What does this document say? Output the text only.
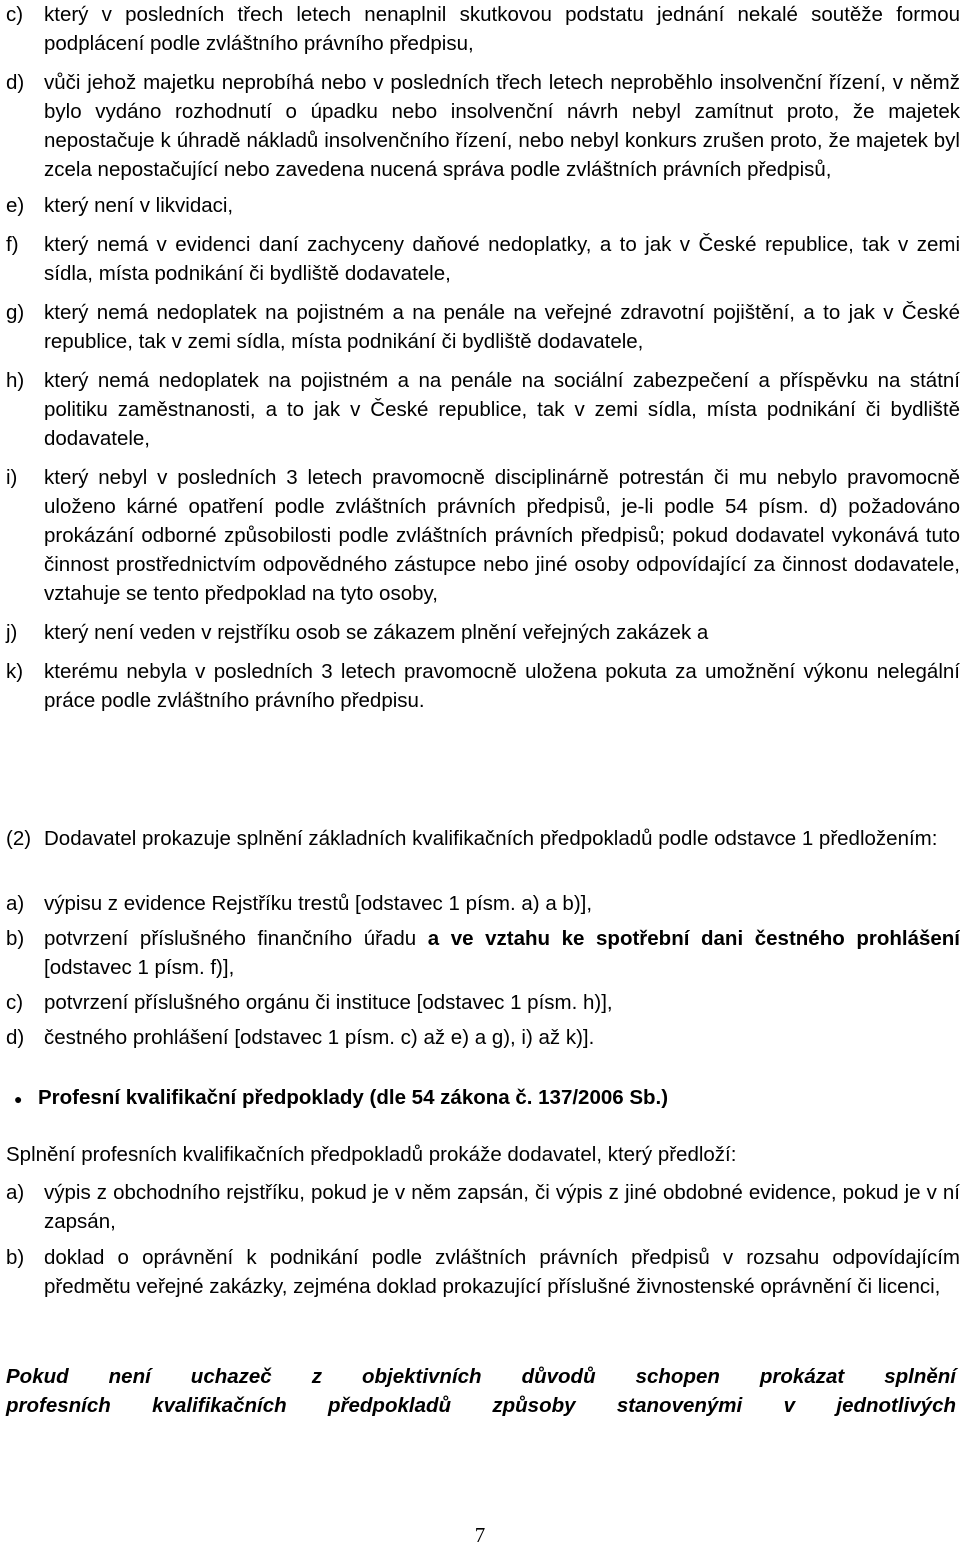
c)	který v posledních třech letech nenaplnil skutkovou podstatu jednání nekalé soutěže formou podplácení podle zvláštního právního předpisu,
d) vůči jehož majetku neprobíhá nebo v posledních třech letech neproběhlo insolvenční řízení, v němž bylo vydáno rozhodnutí o úpadku nebo insolvenční návrh nebyl zamítnut proto, že majetek nepostačuje k úhradě nákladů insolvenčního řízení, nebo nebyl konkurs zrušen proto, že majetek byl zcela nepostačující nebo zavedena nucená správa podle zvláštních právních předpisů,
e) který není v likvidaci,
f)	který nemá v evidenci daní zachyceny daňové nedoplatky, a to jak v České republice, tak v zemi sídla, místa podnikání či bydliště dodavatele,
g) který nemá nedoplatek na pojistném a na penále na veřejné zdravotní pojištění, a to jak v České republice, tak v zemi sídla, místa podnikání či bydliště dodavatele,
h) který nemá nedoplatek na pojistném a na penále na sociální zabezpečení a příspěvku na státní politiku zaměstnanosti, a to jak v České republice, tak v zemi sídla, místa podnikání či bydliště dodavatele,
i)	který nebyl v posledních 3 letech pravomocně disciplinárně potrestán či mu nebylo pravomocně uloženo kárné opatření podle zvláštních právních předpisů, je-li podle 54 písm. d) požadováno prokázání odborné způsobilosti podle zvláštních právních předpisů; pokud dodavatel vykonává tuto činnost prostřednictvím odpovědného zástupce nebo jiné osoby odpovídající za činnost dodavatele, vztahuje se tento předpoklad na tyto osoby,
j)	který není veden v rejstříku osob se zákazem plnění veřejných zakázek a
k)	kterému nebyla v posledních 3 letech pravomocně uložena pokuta za umožnění výkonu nelegální práce podle zvláštního právního předpisu.
(2) Dodavatel prokazuje splnění základních kvalifikačních předpokladů podle odstavce 1 předložením:
a) výpisu z evidence Rejstříku trestů [odstavec 1 písm. a) a b)],
b) potvrzení příslušného finančního úřadu a ve vztahu ke spotřební dani čestného prohlášení [odstavec 1 písm. f)],
c)	potvrzení příslušného orgánu či instituce [odstavec 1 písm. h)],
d) čestného prohlášení [odstavec 1 písm. c) až e) a g), i) až k)].
● Profesní kvalifikační předpoklady (dle 54 zákona č. 137/2006 Sb.)

Splnění profesních kvalifikačních předpokladů prokáže dodavatel, který předloží:

a) výpis z obchodního rejstříku, pokud je v něm zapsán, či výpis z jiné obdobné evidence, pokud je v ní zapsán,
b) doklad o oprávnění k podnikání podle zvláštních právních předpisů v rozsahu odpovídajícím předmětu veřejné zakázky, zejména doklad prokazující příslušné živnostenské oprávnění či licenci,

Pokud není uchazeč z objektivních důvodů schopen prokázat splnění

profesních kvalifikačních předpokladů způsoby stanovenými v jednotlivých

7
